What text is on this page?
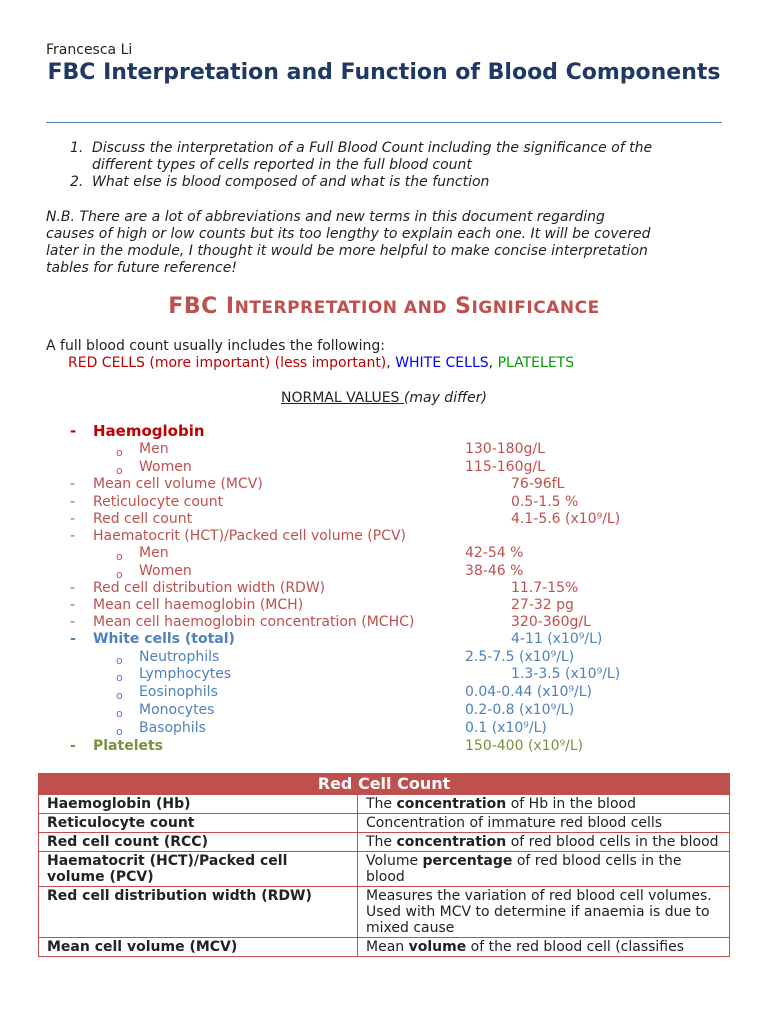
Francesca Li
FBC Interpretation and Function of Blood Components
1. Discuss the interpretation of a Full Blood Count including the significance of the
different types of cells reported in the full blood count
2. What else is blood composed of and what is the function
N.B. There are a lot of abbreviations and new terms in this document regarding
causes of high or low counts but its too lengthy to explain each one. It will be covered
later in the module, I thought it would be more helpful to make concise interpretation
tables for future reference!
FBC INTERPRETATION AND SIGNIFICANCE
A full blood count usually includes the following:
RED CELLS (more important) (less important), WHITE CELLS, PLATELETS
NORMAL VALUES (may differ)
- Haemoglobin
o Men	130-180g/L
o Women	115-160g/L
- Mean cell volume (MCV)	76-96fL
- Reticulocyte count	0.5-1.5 %
- Red cell count	4.1-5.6 (x10⁹/L)
- Haematocrit (HCT)/Packed cell volume (PCV)
o Men	42-54 %
o Women	38-46 %
- Red cell distribution width (RDW)	11.7-15%
- Mean cell haemoglobin (MCH)	27-32 pg
- Mean cell haemoglobin concentration (MCHC)	320-360g/L
- White cells (total)	4-11 (x10⁹/L)
o Neutrophils	2.5-7.5 (x10⁹/L)
o Lymphocytes	1.3-3.5 (x10⁹/L)
o Eosinophils	0.04-0.44 (x10⁹/L)
o Monocytes	0.2-0.8 (x10⁹/L)
o Basophils	0.1 (x10⁹/L)
- Platelets	150-400 (x10⁹/L)
Red Cell Count	
Haemoglobin (Hb)	The concentration of Hb in the blood
Reticulocyte count	Concentration of immature red blood cells
Red cell count (RCC)	The concentration of red blood cells in the blood
Haematocrit (HCT)/Packed cell volume (PCV)	Volume percentage of red blood cells in the blood
Red cell distribution width (RDW)	Measures the variation of red blood cell volumes. Used with MCV to determine if anaemia is due to mixed cause
Mean cell volume (MCV)	Mean volume of the red blood cell (classifies
